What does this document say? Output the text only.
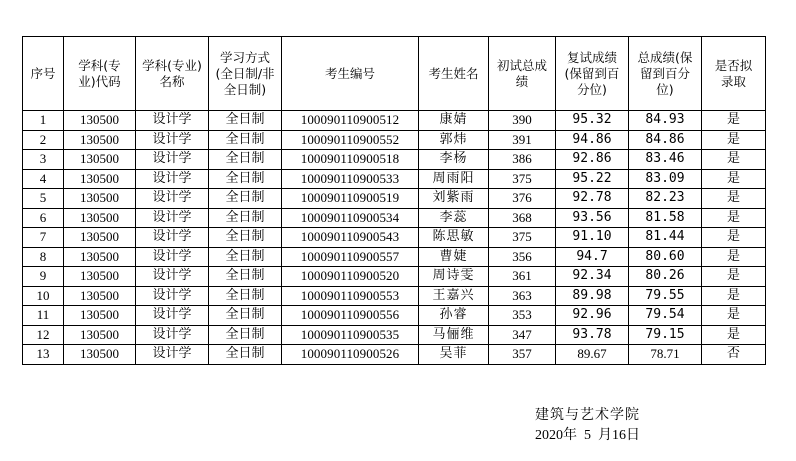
序号	学科(专业)代码	学科(专业)名称	学习方式(全日制/非全日制)	考生编号	考生姓名	初试总成绩	复试成绩(保留到百分位)	总成绩(保留到百分位)	是否拟录取
1	130500	设计学	全日制	100090110900512	康婧	390	95.32	84.93	是
2	130500	设计学	全日制	100090110900552	郭炜	391	94.86	84.86	是
3	130500	设计学	全日制	100090110900518	李杨	386	92.86	83.46	是
4	130500	设计学	全日制	100090110900533	周雨阳	375	95.22	83.09	是
5	130500	设计学	全日制	100090110900519	刘紫雨	376	92.78	82.23	是
6	130500	设计学	全日制	100090110900534	李蕊	368	93.56	81.58	是
7	130500	设计学	全日制	100090110900543	陈思敏	375	91.10	81.44	是
8	130500	设计学	全日制	100090110900557	曹婕	356	94.7	80.60	是
9	130500	设计学	全日制	100090110900520	周诗雯	361	92.34	80.26	是
10	130500	设计学	全日制	100090110900553	王嘉兴	363	89.98	79.55	是
11	130500	设计学	全日制	100090110900556	孙睿	353	92.96	79.54	是
12	130500	设计学	全日制	100090110900535	马俪维	347	93.78	79.15	是
13	130500	设计学	全日制	100090110900526	吴菲	357	89.67	78.71	否
建筑与艺术学院
2020年  5  月16日
